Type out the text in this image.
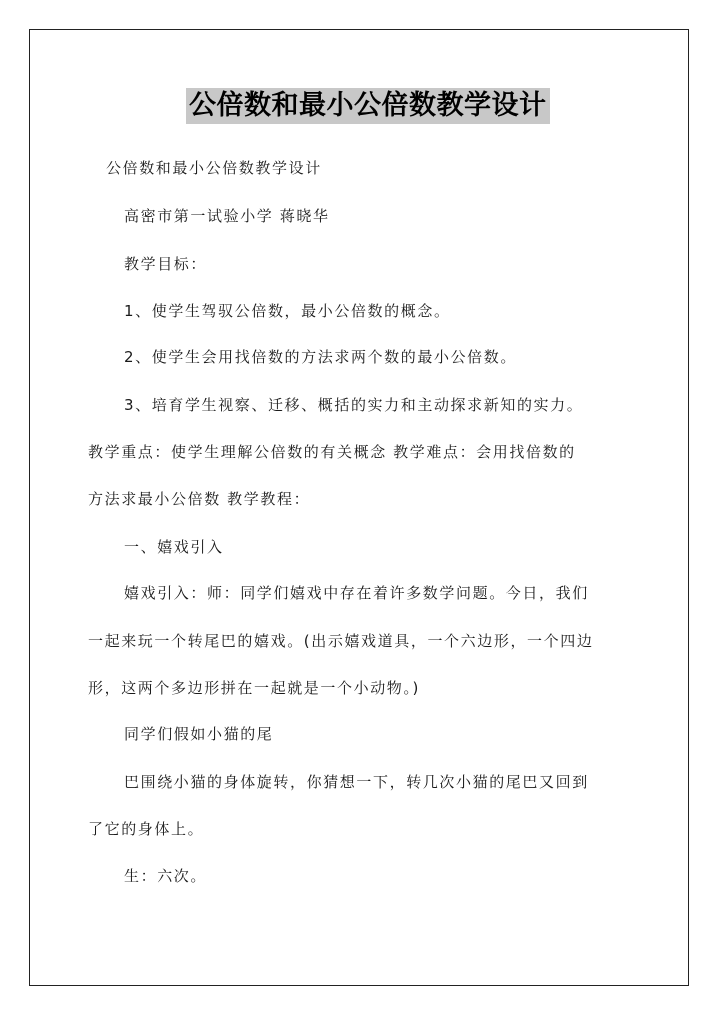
公倍数和最小公倍数教学设计
公倍数和最小公倍数教学设计
高密市第一试验小学 蒋晓华
教学目标：
1、使学生驾驭公倍数，最小公倍数的概念。
2、使学生会用找倍数的方法求两个数的最小公倍数。
3、培育学生视察、迁移、概括的实力和主动探求新知的实力。
教学重点：使学生理解公倍数的有关概念 教学难点：会用找倍数的
方法求最小公倍数 教学教程：
一、嬉戏引入
嬉戏引入：师：同学们嬉戏中存在着许多数学问题。今日，我们
一起来玩一个转尾巴的嬉戏。(出示嬉戏道具，一个六边形，一个四边
形，这两个多边形拼在一起就是一个小动物。)
同学们假如小猫的尾
巴围绕小猫的身体旋转，你猜想一下，转几次小猫的尾巴又回到
了它的身体上。
生：六次。
